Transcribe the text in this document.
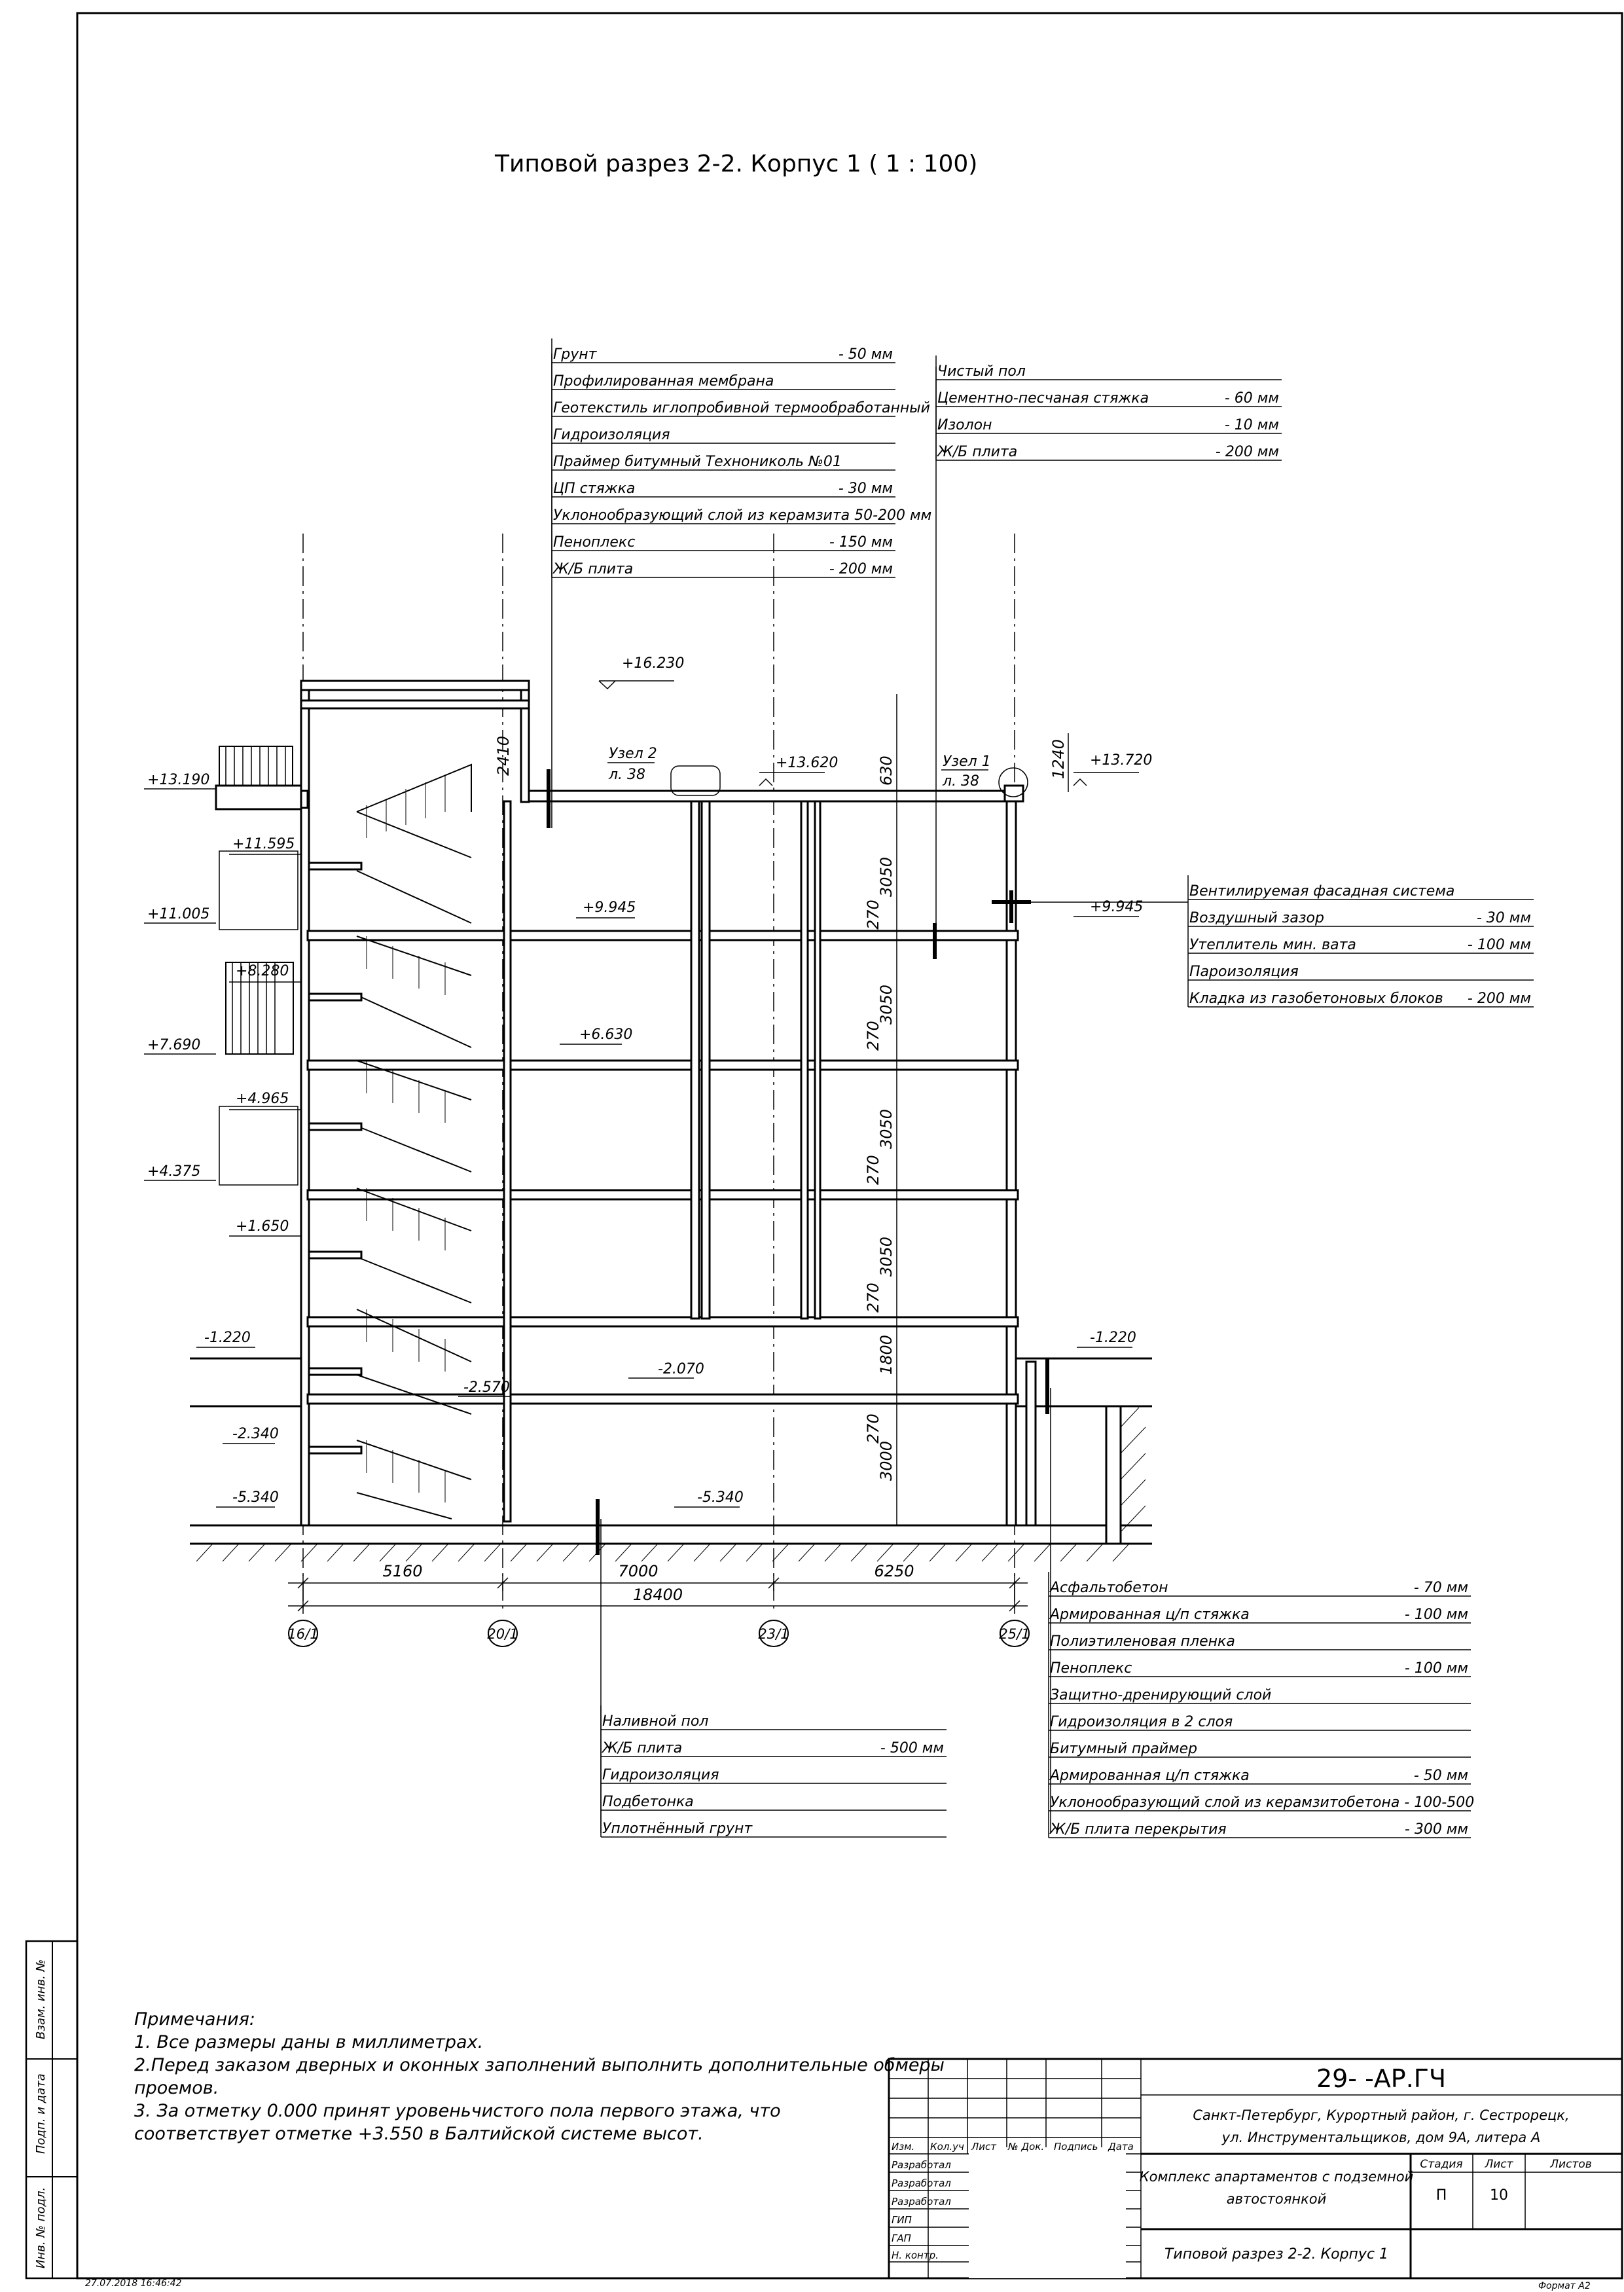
Типовой разрез 2-2. Корпус 1 ( 1 : 100)
Грунт	- 50 мм
Профилированная мембрана
Геотекстиль иглопробивной термообработанный
Гидроизоляция
Праймер битумный Технониколь №01
ЦП стяжка	- 30 мм
Уклонообразующий слой из керамзита 50-200 мм
Пеноплекс	- 150 мм
Ж/Б плита	- 200 мм
Чистый пол
Цементно-песчаная стяжка	- 60 мм
Изолон	- 10 мм
Ж/Б плита	- 200 мм
Вентилируемая фасадная система
Воздушный зазор	- 30 мм
Утеплитель мин. вата	- 100 мм
Пароизоляция
Кладка из газобетоновых блоков - 200 мм
Наливной пол
Ж/Б плита	- 500 мм
Гидроизоляция
Подбетонка
Уплотнённый грунт
Асфальтобетон	- 70 мм
Армированная ц/п стяжка	- 100 мм
Полиэтиленовая пленка
Пеноплекс	- 100 мм
Защитно-дренирующий слой
Гидроизоляция в 2 слоя
Битумный праймер
Армированная ц/п стяжка	- 50 мм
Уклонообразующий слой из керамзитобетона - 100-500
Ж/Б плита перекрытия	- 300 мм
+16.230
+13.620	+13.720
+13.190
+11.595
+11.005	+9.945	+9.945
+8.280
+7.690
+6.630
+4.965
+4.375
+1.650
-1.220	-1.220
-2.070
-2.570
-2.340
-5.340	-5.340
Узел 2
л. 38
Узел 1
л. 38
2410	630	1240
3050
270
3050
270
3050
270
3050
270
1800
270
3000
5160	7000	6250
18400
16/1	20/1	23/1	25/1
Примечания:
1. Все размеры даны в миллиметрах.
2.Перед заказом дверных и оконных заполнений выполнить дополнительные обмеры
проемов.
3. За отметку 0.000 принят уровеньчистого пола первого этажа, что
соответствует отметке +3.550 в Балтийской системе высот.
Взам. инв. №
Подп. и дата
Инв. № подл.
27.07.2018 16:46:42	Формат А2
Изм. Кол.уч Лист № Док. Подпись Дата
Разработал
Разработал
Разработал
ГИП
ГАП
Н. контр.
29- -АР.ГЧ
Санкт-Петербург, Курортный район, г. Сестрорецк,
ул. Инструментальщиков, дом 9А, литера А
Комплекс апартаментов с подземной
автостоянкой
Стадия Лист	Листов
П	10
Типовой разрез 2-2. Корпус 1
